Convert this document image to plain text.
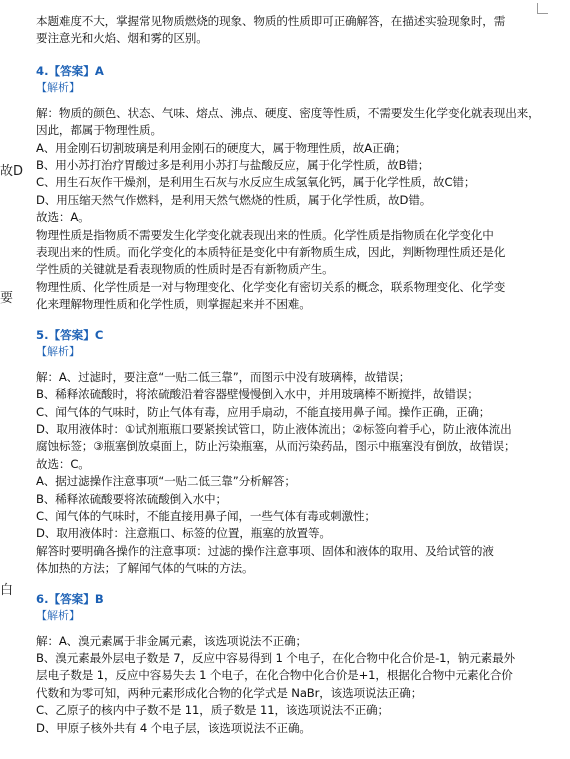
故D
要
白
本题难度不大，掌握常见物质燃烧的现象、物质的性质即可正确解答，在描述实验现象时，需
要注意光和火焰、烟和雾的区别。
4.【答案】A
【解析】
解：物质的颜色、状态、气味、熔点、沸点、硬度、密度等性质，不需要发生化学变化就表现出来，
因此，都属于物理性质。
A、用金刚石切割玻璃是利用金刚石的硬度大，属于物理性质，故A正确；
B、用小苏打治疗胃酸过多是利用小苏打与盐酸反应，属于化学性质，故B错；
C、用生石灰作干燥剂，是利用生石灰与水反应生成氢氧化钙，属于化学性质，故C错；
D、用压缩天然气作燃料，是利用天然气燃烧的性质，属于化学性质，故D错。
故选：A。
物理性质是指物质不需要发生化学变化就表现出来的性质。化学性质是指物质在化学变化中
表现出来的性质。而化学变化的本质特征是变化中有新物质生成，因此，判断物理性质还是化
学性质的关键就是看表现物质的性质时是否有新物质产生。
物理性质、化学性质是一对与物理变化、化学变化有密切关系的概念，联系物理变化、化学变
化来理解物理性质和化学性质，则掌握起来并不困难。
5.【答案】C
【解析】
解：A、过滤时，要注意“一贴二低三靠”，而图示中没有玻璃棒，故错误；
B、稀释浓硫酸时，将浓硫酸沿着容器壁慢慢倒入水中，并用玻璃棒不断搅拌，故错误；
C、闻气体的气味时，防止气体有毒，应用手扇动，不能直接用鼻子闻。操作正确，正确；
D、取用液体时：①试剂瓶瓶口要紧挨试管口，防止液体流出；②标签向着手心，防止液体流出
腐蚀标签；③瓶塞倒放桌面上，防止污染瓶塞，从而污染药品，图示中瓶塞没有倒放，故错误；
故选：C。
A、据过滤操作注意事项“一贴二低三靠”分析解答；
B、稀释浓硫酸要将浓硫酸倒入水中；
C、闻气体的气味时，不能直接用鼻子闻，一些气体有毒或刺激性；
D、取用液体时：注意瓶口、标签的位置，瓶塞的放置等。
解答时要明确各操作的注意事项：过滤的操作注意事项、固体和液体的取用、及给试管的液
体加热的方法；了解闻气体的气味的方法。
6.【答案】B
【解析】
解：A、溴元素属于非金属元素，该选项说法不正确；
B、溴元素最外层电子数是 7，反应中容易得到 1 个电子，在化合物中化合价是-1，钠元素最外
层电子数是 1，反应中容易失去 1 个电子，在化合物中化合价是+1，根据化合物中元素化合价
代数和为零可知，两种元素形成化合物的化学式是 NaBr，该选项说法正确；
C、乙原子的核内中子数不是 11，质子数是 11，该选项说法不正确；
D、甲原子核外共有 4 个电子层，该选项说法不正确。
